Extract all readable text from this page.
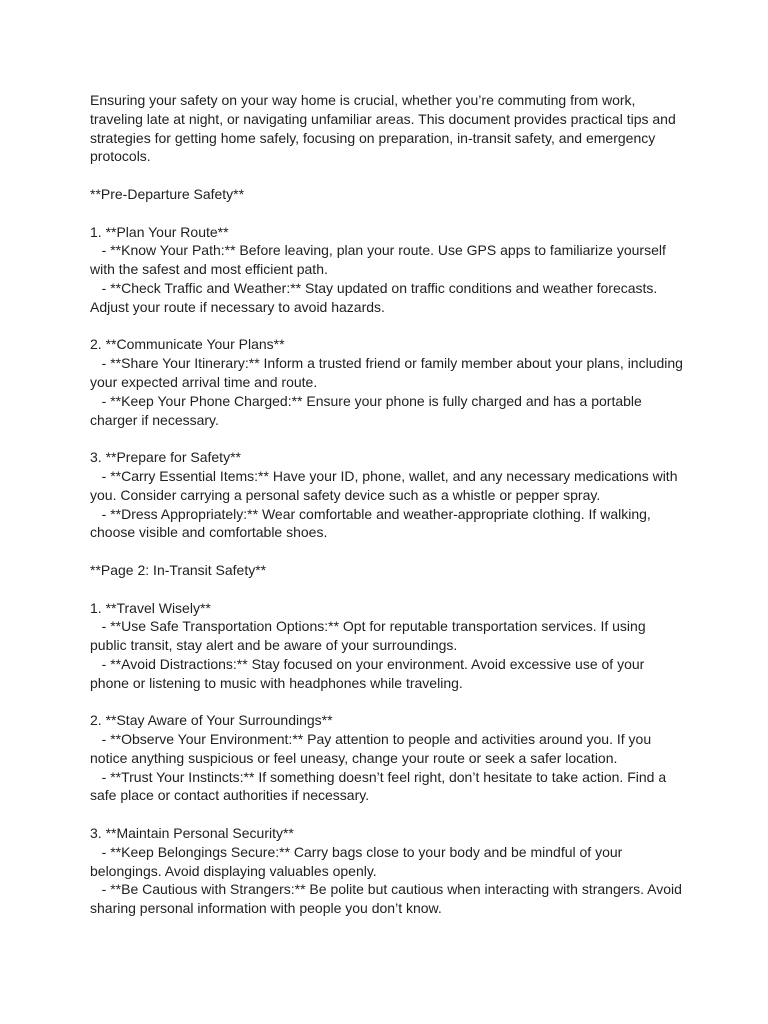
Ensuring your safety on your way home is crucial, whether you’re commuting from work,
traveling late at night, or navigating unfamiliar areas. This document provides practical tips and
strategies for getting home safely, focusing on preparation, in-transit safety, and emergency
protocols.
**Pre-Departure Safety**
1. **Plan Your Route**
- **Know Your Path:** Before leaving, plan your route. Use GPS apps to familiarize yourself
with the safest and most efficient path.
- **Check Traffic and Weather:** Stay updated on traffic conditions and weather forecasts.
Adjust your route if necessary to avoid hazards.
2. **Communicate Your Plans**
- **Share Your Itinerary:** Inform a trusted friend or family member about your plans, including
your expected arrival time and route.
- **Keep Your Phone Charged:** Ensure your phone is fully charged and has a portable
charger if necessary.
3. **Prepare for Safety**
- **Carry Essential Items:** Have your ID, phone, wallet, and any necessary medications with
you. Consider carrying a personal safety device such as a whistle or pepper spray.
- **Dress Appropriately:** Wear comfortable and weather-appropriate clothing. If walking,
choose visible and comfortable shoes.
**Page 2: In-Transit Safety**
1. **Travel Wisely**
- **Use Safe Transportation Options:** Opt for reputable transportation services. If using
public transit, stay alert and be aware of your surroundings.
- **Avoid Distractions:** Stay focused on your environment. Avoid excessive use of your
phone or listening to music with headphones while traveling.
2. **Stay Aware of Your Surroundings**
- **Observe Your Environment:** Pay attention to people and activities around you. If you
notice anything suspicious or feel uneasy, change your route or seek a safer location.
- **Trust Your Instincts:** If something doesn’t feel right, don’t hesitate to take action. Find a
safe place or contact authorities if necessary.
3. **Maintain Personal Security**
- **Keep Belongings Secure:** Carry bags close to your body and be mindful of your
belongings. Avoid displaying valuables openly.
- **Be Cautious with Strangers:** Be polite but cautious when interacting with strangers. Avoid
sharing personal information with people you don’t know.
